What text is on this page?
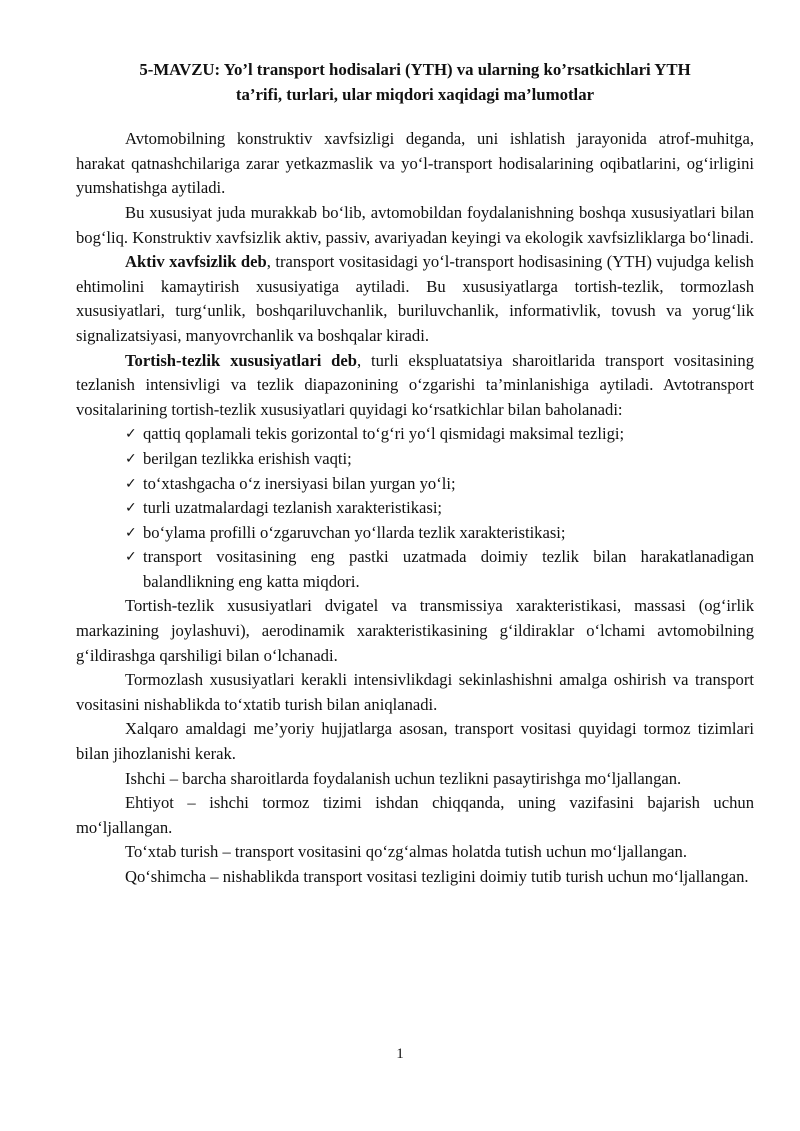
5-MAVZU: Yo’l transport hodisalari (YTH) va ularning ko’rsatkichlari YTH
ta’rifi, turlari, ular miqdori xaqidagi ma’lumotlar

Avtomobilning konstruktiv xavfsizligi deganda, uni ishlatish jarayonida atrof-muhitga, harakat qatnashchilariga zarar yetkazmaslik va yo‘l-transport hodisalarining oqibatlarini, og‘irligini yumshatishga aytiladi.

Bu xususiyat juda murakkab bo‘lib, avtomobildan foydalanishning boshqa xususiyatlari bilan bog‘liq. Konstruktiv xavfsizlik aktiv, passiv, avariyadan keyingi va ekologik xavfsizliklarga bo‘linadi.

Aktiv xavfsizlik deb, transport vositasidagi yo‘l-transport hodisasining (YTH) vujudga kelish ehtimolini kamaytirish xususiyatiga aytiladi. Bu xususiyatlarga tortish-tezlik, tormozlash xususiyatlari, turg‘unlik, boshqariluvchanlik, buriluvchanlik, informativlik, tovush va yorug‘lik signalizatsiyasi, manyovrchanlik va boshqalar kiradi.

Tortish-tezlik xususiyatlari deb, turli ekspluatatsiya sharoitlarida transport vositasining tezlanish intensivligi va tezlik diapazonining o‘zgarishi ta’minlanishiga aytiladi. Avtotransport vositalarining tortish-tezlik xususiyatlari quyidagi ko‘rsatkichlar bilan baholanadi:

✓ qattiq qoplamali tekis gorizontal to‘g‘ri yo‘l qismidagi maksimal tezligi;
✓ berilgan tezlikka erishish vaqti;
✓ to‘xtashgacha o‘z inersiyasi bilan yurgan yo‘li;
✓ turli uzatmalardagi tezlanish xarakteristikasi;
✓ bo‘ylama profilli o‘zgaruvchan yo‘llarda tezlik xarakteristikasi;
✓ transport vositasining eng pastki uzatmada doimiy tezlik bilan harakatlanadigan balandlikning eng katta miqdori.

Tortish-tezlik xususiyatlari dvigatel va transmissiya xarakteristikasi, massasi (og‘irlik markazining joylashuvi), aerodinamik xarakteristikasining g‘ildiraklar o‘lchami avtomobilning g‘ildirashga qarshiligi bilan o‘lchanadi.

Tormozlash xususiyatlari kerakli intensivlikdagi sekinlashishni amalga oshirish va transport vositasini nishablikda to‘xtatib turish bilan aniqlanadi.

Xalqaro amaldagi me’yoriy hujjatlarga asosan, transport vositasi quyidagi tormoz tizimlari bilan jihozlanishi kerak.

Ishchi – barcha sharoitlarda foydalanish uchun tezlikni pasaytirishga mo‘ljallangan.

Ehtiyot – ishchi tormoz tizimi ishdan chiqqanda, uning vazifasini bajarish uchun mo‘ljallangan.

To‘xtab turish – transport vositasini qo‘zg‘almas holatda tutish uchun mo‘ljallangan.

Qo‘shimcha – nishablikda transport vositasi tezligini doimiy tutib turish uchun mo‘ljallangan.

1
